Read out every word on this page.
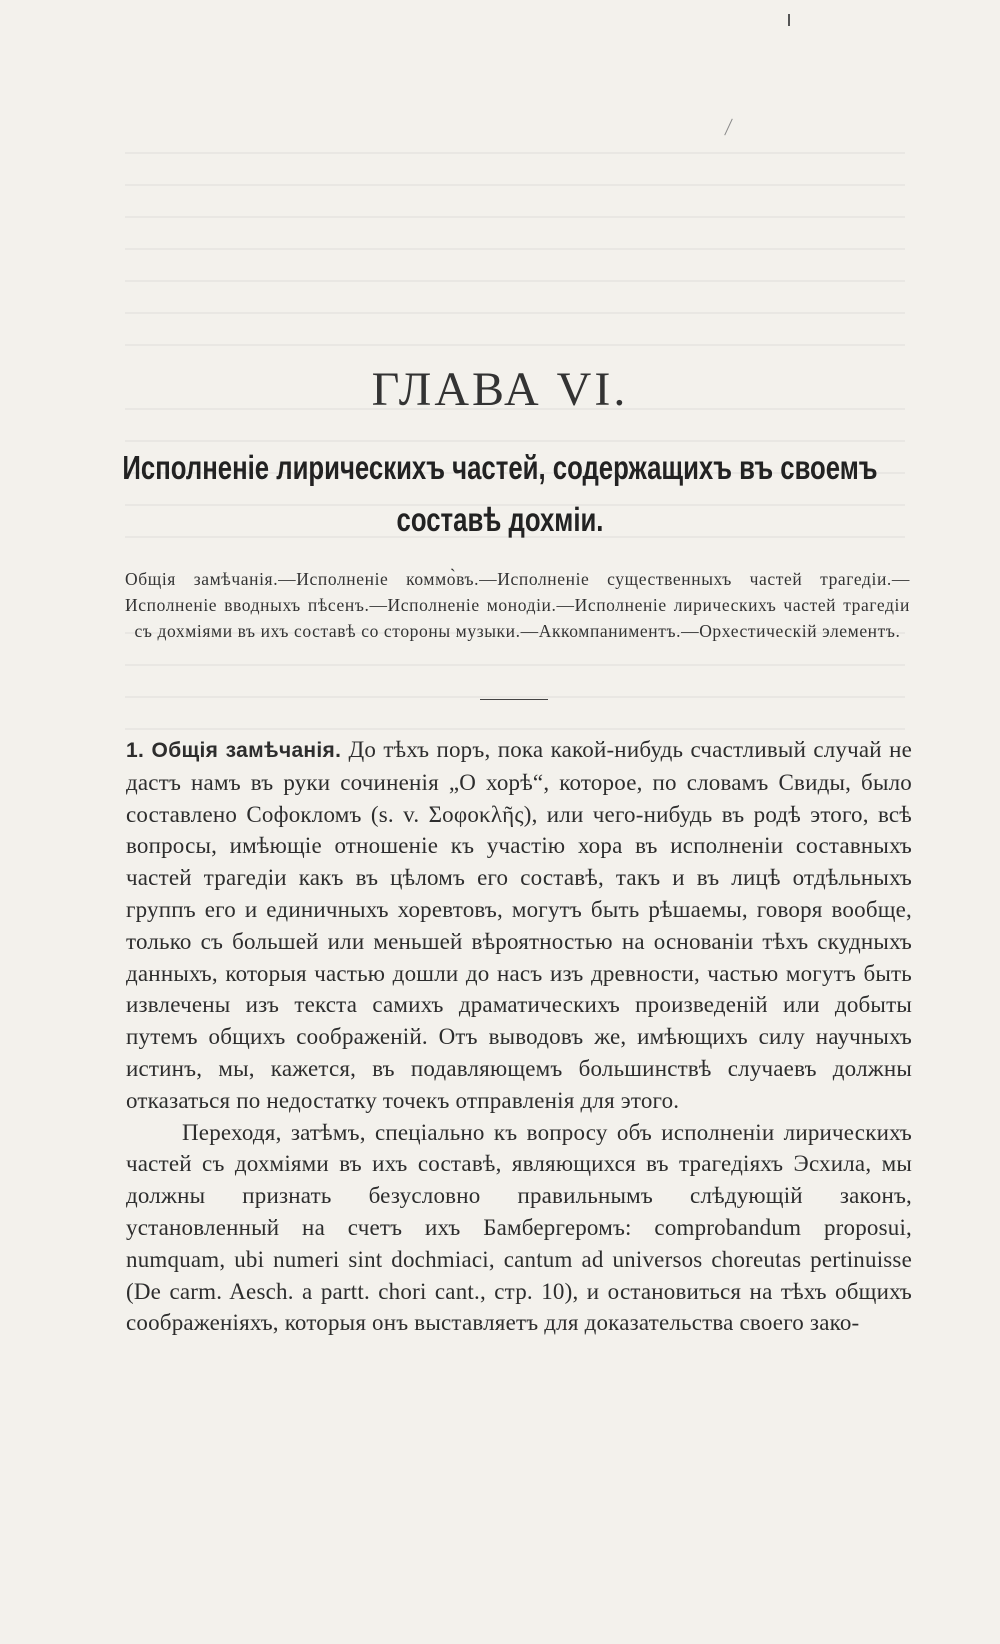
ГЛАВА VI.
Исполненіе лирическихъ частей, содержащихъ въ своемъ составѣ дохміи.
Общія замѣчанія.—Исполненіе коммо̀въ.—Исполненіе существенныхъ частей трагедіи.—Исполненіе вводныхъ пѣсенъ.—Исполненіе монодіи.—Исполненіе лирическихъ частей трагедіи съ дохміями въ ихъ составѣ со стороны музыки.—Аккомпаниментъ.—Орхестическій элементъ.

1. Общія замѣчанія. До тѣхъ поръ, пока какой-нибудь счастливый случай не дастъ намъ въ руки сочиненія „О хорѣ“, которое, по словамъ Свиды, было составлено Софокломъ (s. v. Σοφοκλῆς), или чего-нибудь въ родѣ этого, всѣ вопросы, имѣющіе отношеніе къ участію хора въ исполненіи составныхъ частей трагедіи какъ въ цѣломъ его составѣ, такъ и въ лицѣ отдѣльныхъ группъ его и единичныхъ хоревтовъ, могутъ быть рѣшаемы, говоря вообще, только съ большей или меньшей вѣроятностью на основаніи тѣхъ скудныхъ данныхъ, которыя частью дошли до насъ изъ древности, частью могутъ быть извлечены изъ текста самихъ драматическихъ произведеній или добыты путемъ общихъ соображеній. Отъ выводовъ же, имѣющихъ силу научныхъ истинъ, мы, кажется, въ подавляющемъ большинствѣ случаевъ должны отказаться по недостатку точекъ отправленія для этого.

Переходя, затѣмъ, спеціально къ вопросу объ исполненіи лирическихъ частей съ дохміями въ ихъ составѣ, являющихся въ трагедіяхъ Эсхила, мы должны признать безусловно правильнымъ слѣдующій законъ, установленный на счетъ ихъ Бамбергеромъ: comprobandum proposui, numquam, ubi numeri sint dochmiaci, cantum ad universos choreutas pertinuisse (De carm. Aesch. a partt. chori cant., стр. 10), и остановиться на тѣхъ общихъ соображеніяхъ, которыя онъ выставляетъ для доказательства своего зако-
